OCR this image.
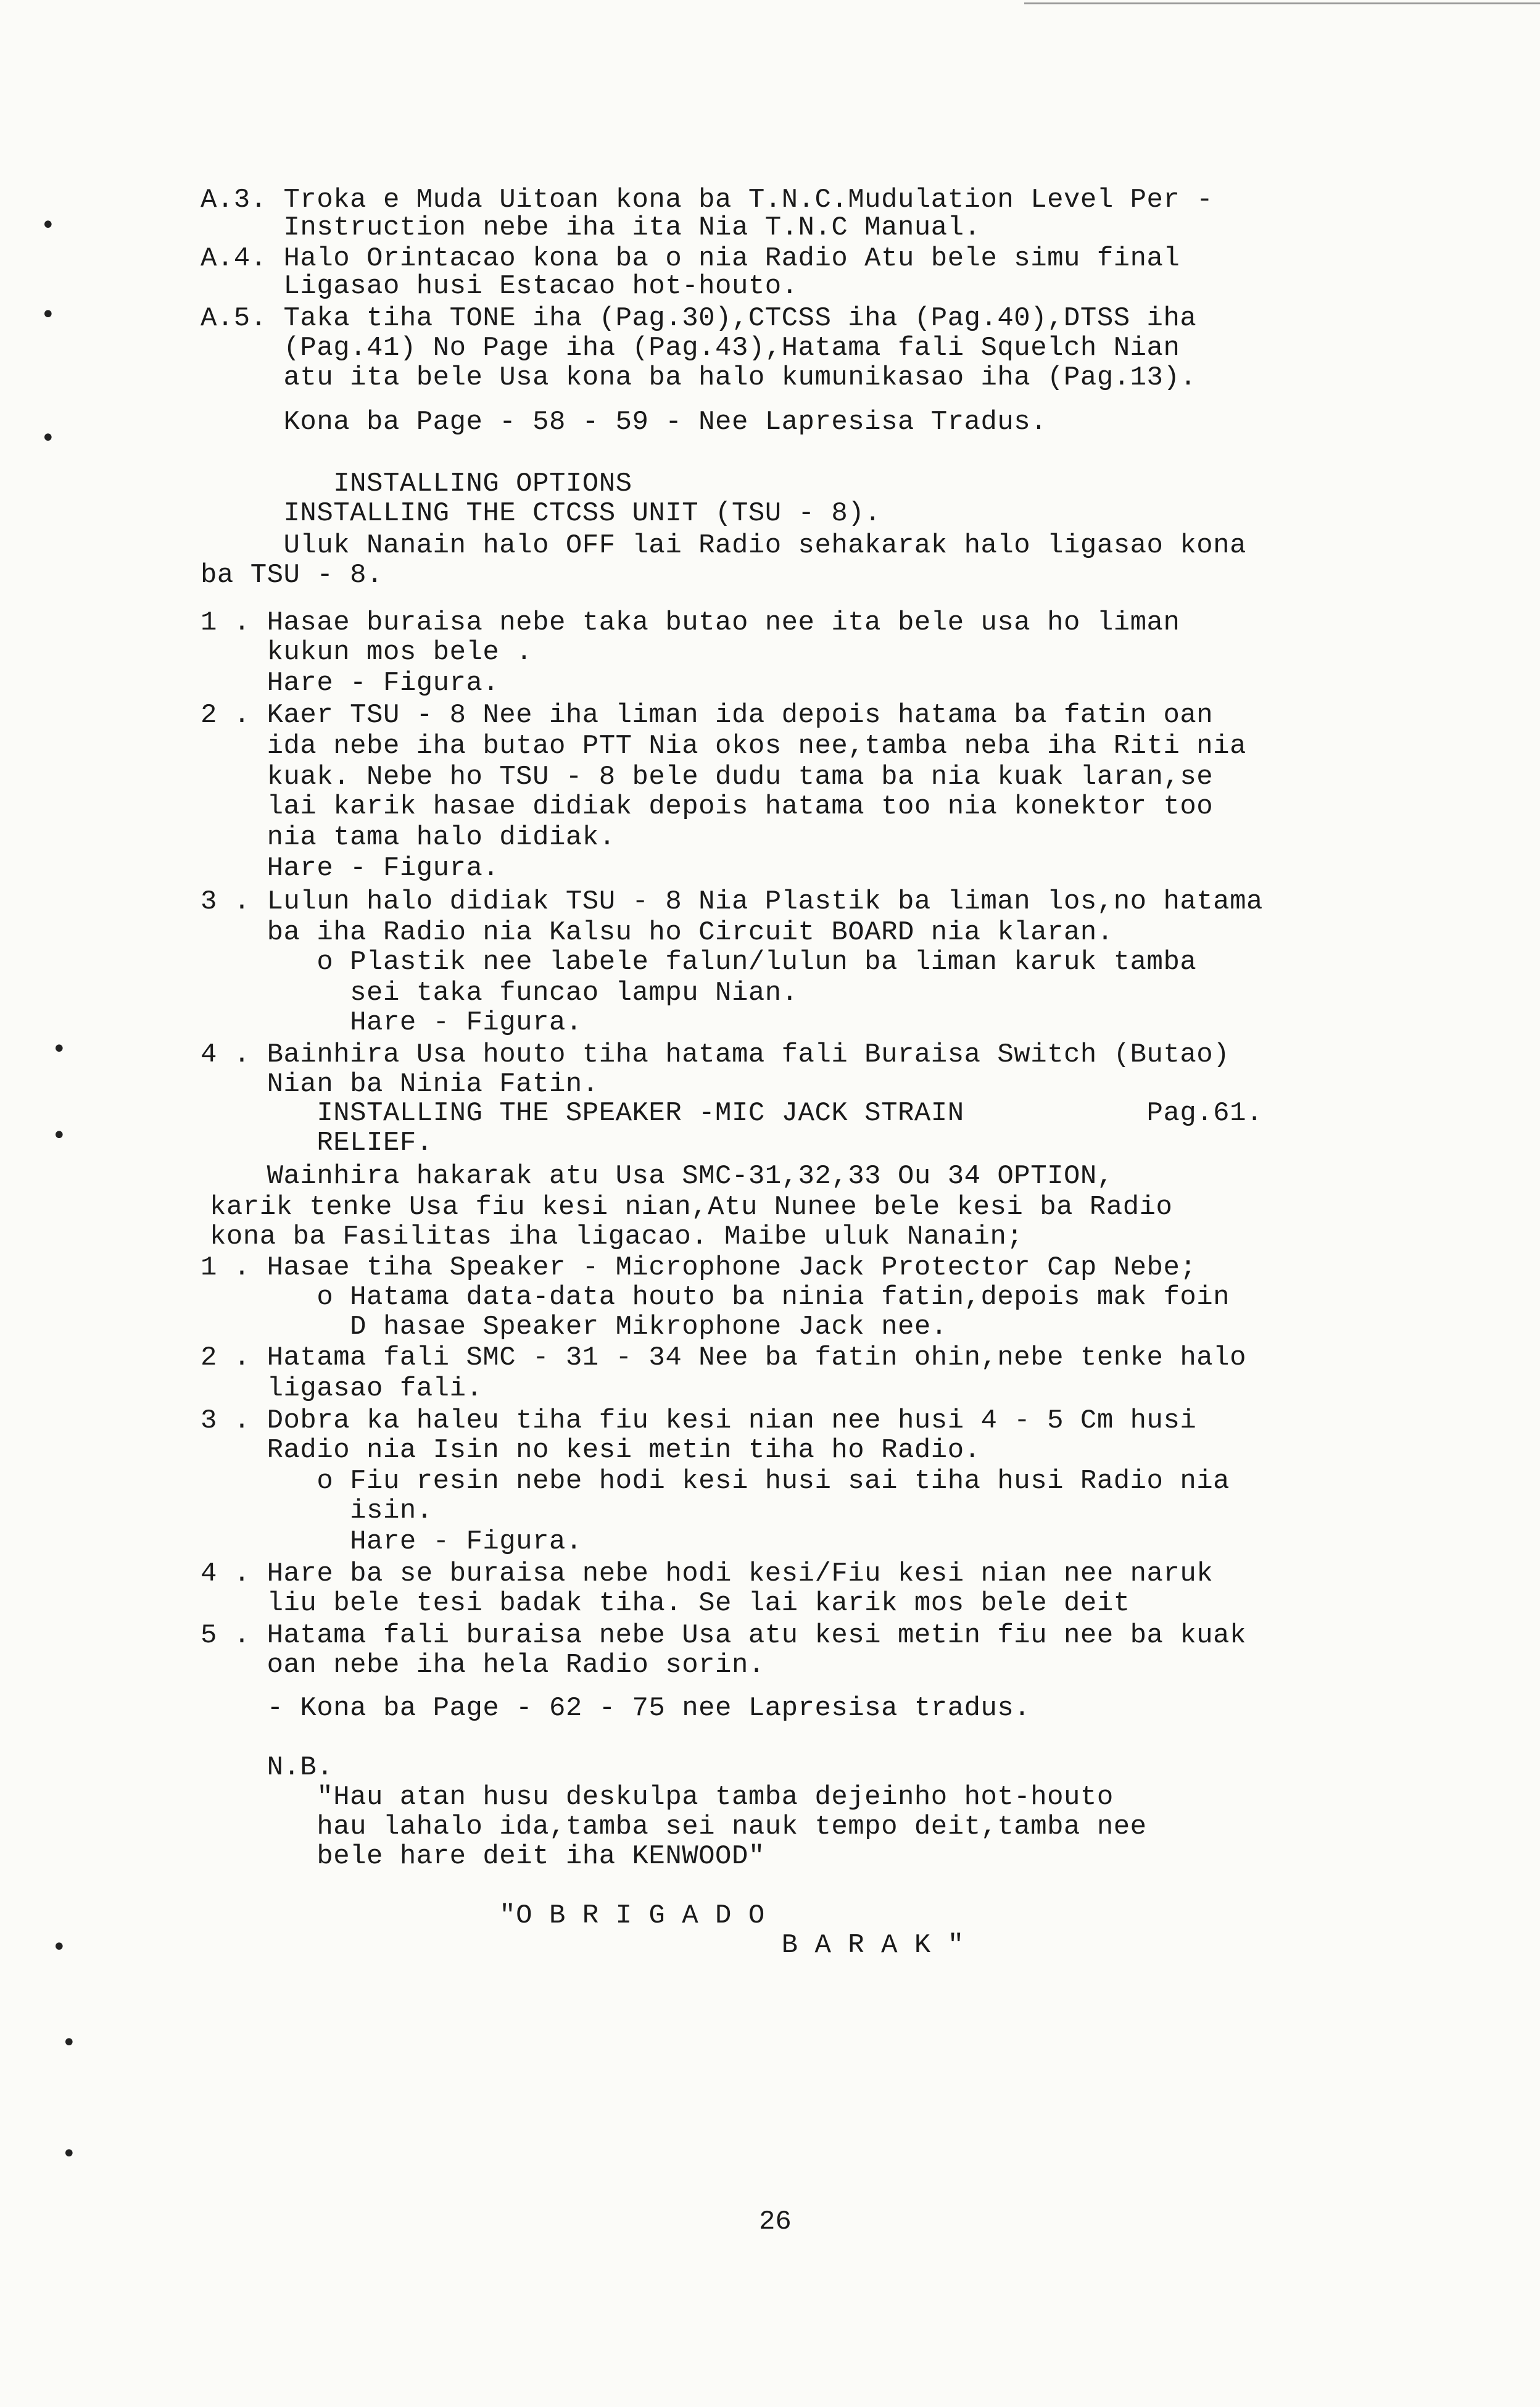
•
•
•
•
•
•
•
•
A.3. Troka e Muda Uitoan kona ba T.N.C.Mudulation Level Per -
Instruction nebe iha ita Nia T.N.C Manual.
A.4. Halo Orintacao kona ba o nia Radio Atu bele simu final
Ligasao husi Estacao hot-houto.
A.5. Taka tiha TONE iha (Pag.30),CTCSS iha (Pag.40),DTSS iha
(Pag.41) No Page iha (Pag.43),Hatama fali Squelch Nian
atu ita bele Usa kona ba halo kumunikasao iha (Pag.13).
Kona ba Page - 58 - 59 - Nee Lapresisa Tradus.
INSTALLING OPTIONS
INSTALLING THE CTCSS UNIT (TSU - 8).
Uluk Nanain halo OFF lai Radio sehakarak halo ligasao kona
ba TSU - 8.
1 . Hasae buraisa nebe taka butao nee ita bele usa ho liman
kukun mos bele .
Hare - Figura.
2 . Kaer TSU - 8 Nee iha liman ida depois hatama ba fatin oan
ida nebe iha butao PTT Nia okos nee,tamba neba iha Riti nia
kuak. Nebe ho TSU - 8 bele dudu tama ba nia kuak laran,se
lai karik hasae didiak depois hatama too nia konektor too
nia tama halo didiak.
Hare - Figura.
3 . Lulun halo didiak TSU - 8 Nia Plastik ba liman los,no hatama
ba iha Radio nia Kalsu ho Circuit BOARD nia klaran.
o Plastik nee labele falun/lulun ba liman karuk tamba
sei taka funcao lampu Nian.
Hare - Figura.
4 . Bainhira Usa houto tiha hatama fali Buraisa Switch (Butao)
Nian ba Ninia Fatin.
INSTALLING THE SPEAKER -MIC JACK STRAIN           Pag.61.
RELIEF.
Wainhira hakarak atu Usa SMC-31,32,33 Ou 34 OPTION,
karik tenke Usa fiu kesi nian,Atu Nunee bele kesi ba Radio
kona ba Fasilitas iha ligacao. Maibe uluk Nanain;
1 . Hasae tiha Speaker - Microphone Jack Protector Cap Nebe;
o Hatama data-data houto ba ninia fatin,depois mak foin
D hasae Speaker Mikrophone Jack nee.
2 . Hatama fali SMC - 31 - 34 Nee ba fatin ohin,nebe tenke halo
ligasao fali.
3 . Dobra ka haleu tiha fiu kesi nian nee husi 4 - 5 Cm husi
Radio nia Isin no kesi metin tiha ho Radio.
o Fiu resin nebe hodi kesi husi sai tiha husi Radio nia
isin.
Hare - Figura.
4 . Hare ba se buraisa nebe hodi kesi/Fiu kesi nian nee naruk
liu bele tesi badak tiha. Se lai karik mos bele deit
5 . Hatama fali buraisa nebe Usa atu kesi metin fiu nee ba kuak
oan nebe iha hela Radio sorin.
- Kona ba Page - 62 - 75 nee Lapresisa tradus.
N.B.
"Hau atan husu deskulpa tamba dejeinho hot-houto
hau lahalo ida,tamba sei nauk tempo deit,tamba nee
bele hare deit iha KENWOOD"
"O B R I G A D O
B A R A K "
26
